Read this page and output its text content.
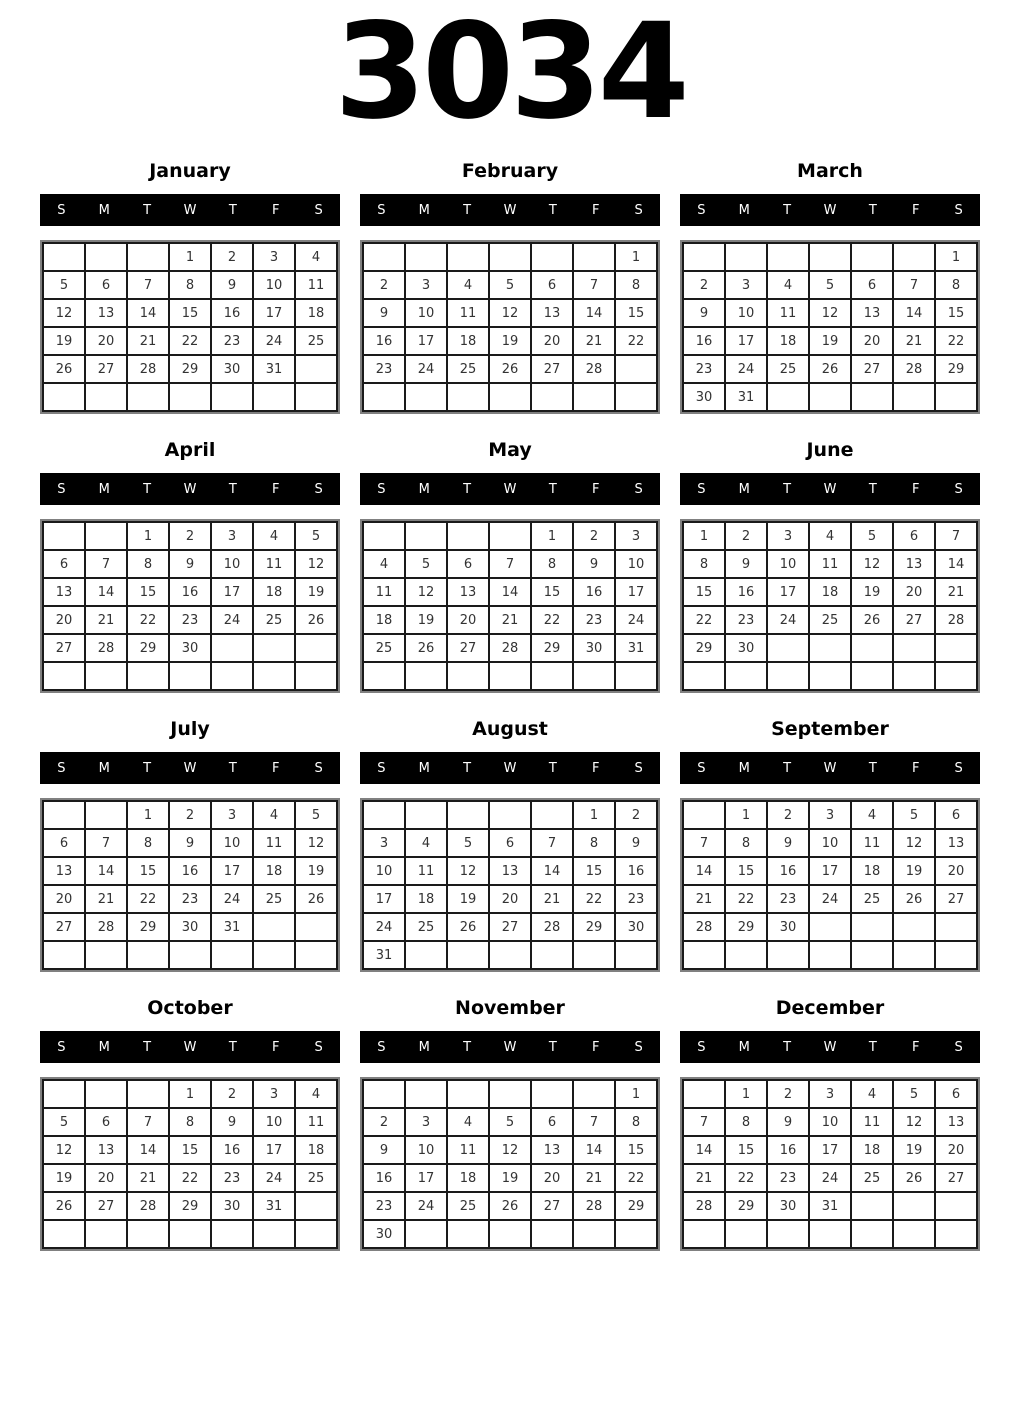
3034
January
S	M	T	W	T	F	S
			1	2	3	4
5	6	7	8	9	10	11
12	13	14	15	16	17	18
19	20	21	22	23	24	25
26	27	28	29	30	31	

February
S	M	T	W	T	F	S
						1
2	3	4	5	6	7	8
9	10	11	12	13	14	15
16	17	18	19	20	21	22
23	24	25	26	27	28	

March
S	M	T	W	T	F	S
						1
2	3	4	5	6	7	8
9	10	11	12	13	14	15
16	17	18	19	20	21	22
23	24	25	26	27	28	29
30	31					
April
S	M	T	W	T	F	S
		1	2	3	4	5
6	7	8	9	10	11	12
13	14	15	16	17	18	19
20	21	22	23	24	25	26
27	28	29	30			

May
S	M	T	W	T	F	S
				1	2	3
4	5	6	7	8	9	10
11	12	13	14	15	16	17
18	19	20	21	22	23	24
25	26	27	28	29	30	31

June
S	M	T	W	T	F	S
1	2	3	4	5	6	7
8	9	10	11	12	13	14
15	16	17	18	19	20	21
22	23	24	25	26	27	28
29	30					

July
S	M	T	W	T	F	S
		1	2	3	4	5
6	7	8	9	10	11	12
13	14	15	16	17	18	19
20	21	22	23	24	25	26
27	28	29	30	31		

August
S	M	T	W	T	F	S
					1	2
3	4	5	6	7	8	9
10	11	12	13	14	15	16
17	18	19	20	21	22	23
24	25	26	27	28	29	30
31						
September
S	M	T	W	T	F	S
	1	2	3	4	5	6
7	8	9	10	11	12	13
14	15	16	17	18	19	20
21	22	23	24	25	26	27
28	29	30				

October
S	M	T	W	T	F	S
			1	2	3	4
5	6	7	8	9	10	11
12	13	14	15	16	17	18
19	20	21	22	23	24	25
26	27	28	29	30	31	

November
S	M	T	W	T	F	S
						1
2	3	4	5	6	7	8
9	10	11	12	13	14	15
16	17	18	19	20	21	22
23	24	25	26	27	28	29
30						
December
S	M	T	W	T	F	S
	1	2	3	4	5	6
7	8	9	10	11	12	13
14	15	16	17	18	19	20
21	22	23	24	25	26	27
28	29	30	31			
